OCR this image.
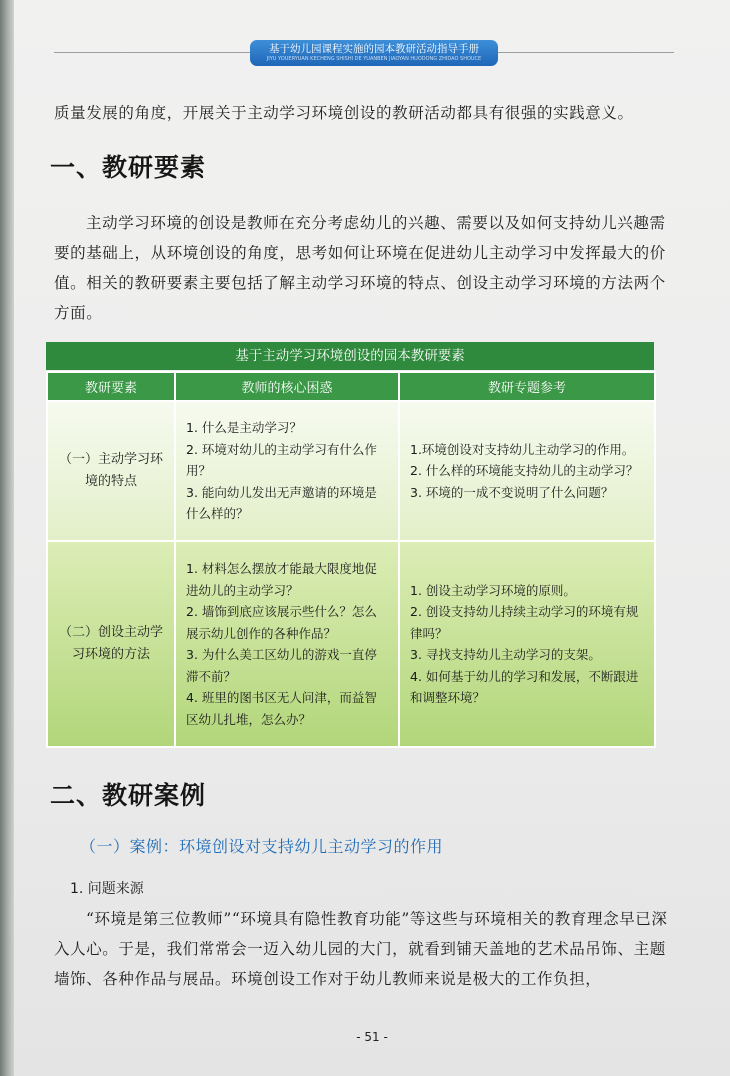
基于幼儿园课程实施的园本教研活动指导手册
JIYU YOUERYUAN KECHENG SHISHI DE YUANBEN JIAOYAN HUODONG ZHIDAO SHOUCE
质量发展的角度，开展关于主动学习环境创设的教研活动都具有很强的实践意义。
一、教研要素
主动学习环境的创设是教师在充分考虑幼儿的兴趣、需要以及如何支持幼儿兴趣需要的基础上，从环境创设的角度，思考如何让环境在促进幼儿主动学习中发挥最大的价值。相关的教研要素主要包括了解主动学习环境的特点、创设主动学习环境的方法两个方面。
基于主动学习环境创设的园本教研要素
教研要素	教师的核心困惑	教研专题参考
（一）主动学习环境的特点	1. 什么是主动学习？
2. 环境对幼儿的主动学习有什么作用？
3. 能向幼儿发出无声邀请的环境是什么样的？	1.环境创设对支持幼儿主动学习的作用。
2. 什么样的环境能支持幼儿的主动学习？
3. 环境的一成不变说明了什么问题？

（二）创设主动学习环境的方法	1. 材料怎么摆放才能最大限度地促进幼儿的主动学习？
2. 墙饰到底应该展示些什么？怎么展示幼儿创作的各种作品？
3. 为什么美工区幼儿的游戏一直停滞不前？
4. 班里的图书区无人问津，而益智区幼儿扎堆，怎么办？	1. 创设主动学习环境的原则。
2. 创设支持幼儿持续主动学习的环境有规律吗？
3. 寻找支持幼儿主动学习的支架。
4. 如何基于幼儿的学习和发展，不断跟进和调整环境？
二、教研案例
（一）案例：环境创设对支持幼儿主动学习的作用
1. 问题来源
“环境是第三位教师”“环境具有隐性教育功能”等这些与环境相关的教育理念早已深入人心。于是，我们常常会一迈入幼儿园的大门，就看到铺天盖地的艺术品吊饰、主题墙饰、各种作品与展品。环境创设工作对于幼儿教师来说是极大的工作负担，
- 51 -
